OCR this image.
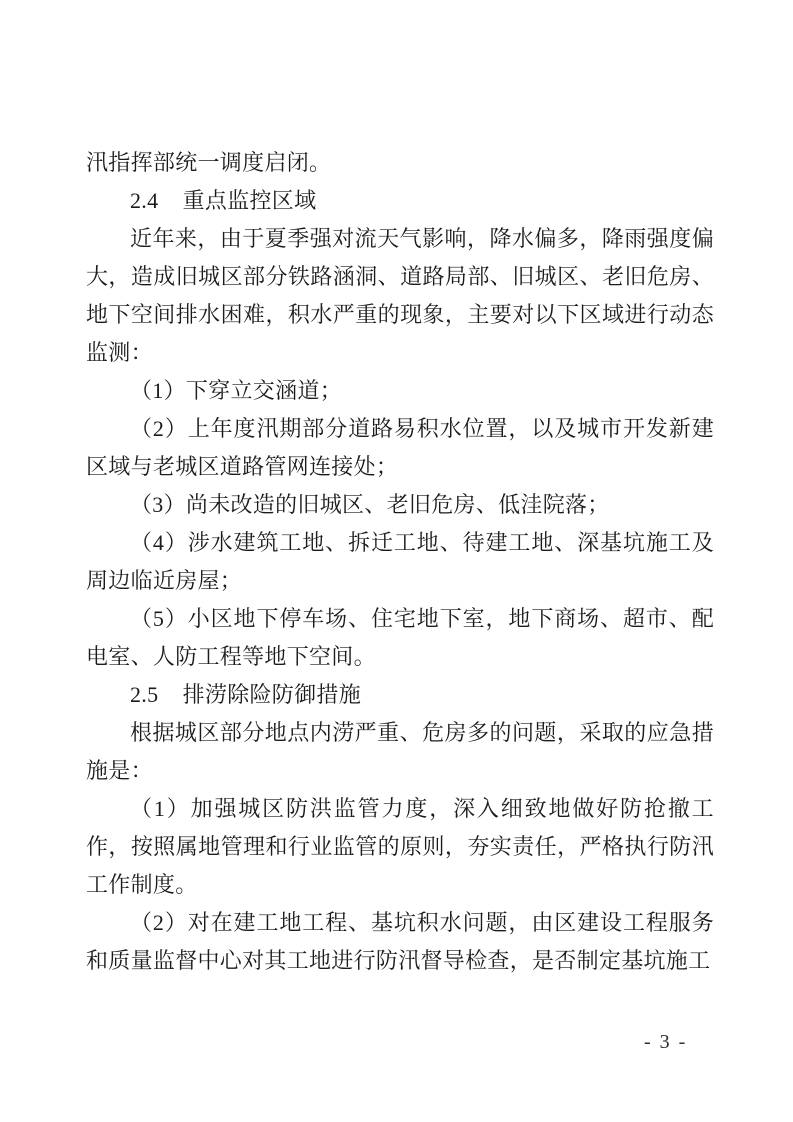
汛指挥部统一调度启闭。

2.4 重点监控区域

近年来，由于夏季强对流天气影响，降水偏多，降雨强度偏大，造成旧城区部分铁路涵洞、道路局部、旧城区、老旧危房、地下空间排水困难，积水严重的现象，主要对以下区域进行动态监测：

（1）下穿立交涵道；

（2）上年度汛期部分道路易积水位置，以及城市开发新建区域与老城区道路管网连接处；

（3）尚未改造的旧城区、老旧危房、低洼院落；

（4）涉水建筑工地、拆迁工地、待建工地、深基坑施工及周边临近房屋；

（5）小区地下停车场、住宅地下室，地下商场、超市、配电室、人防工程等地下空间。

2.5 排涝除险防御措施

根据城区部分地点内涝严重、危房多的问题，采取的应急措施是：

（1）加强城区防洪监管力度，深入细致地做好防抢撤工作，按照属地管理和行业监管的原则，夯实责任，严格执行防汛工作制度。

（2）对在建工地工程、基坑积水问题，由区建设工程服务和质量监督中心对其工地进行防汛督导检查，是否制定基坑施工

- 3 -
